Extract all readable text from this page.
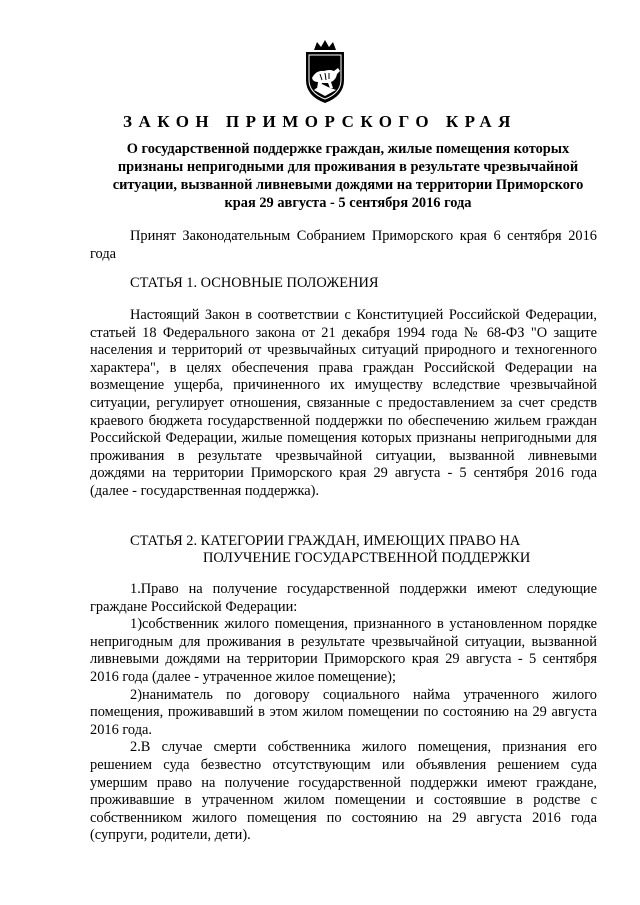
ЗАКОН ПРИМОРСКОГО КРАЯ
О государственной поддержке граждан, жилые помещения которых признаны непригодными для проживания в результате чрезвычайной ситуации, вызванной ливневыми дождями на территории Приморского края 29 августа - 5 сентября 2016 года
Принят Законодательным Собранием Приморского края 6 сентября 2016 года
СТАТЬЯ 1. ОСНОВНЫЕ ПОЛОЖЕНИЯ
Настоящий Закон в соответствии с Конституцией Российской Федерации, статьей 18 Федерального закона от 21 декабря 1994 года № 68-ФЗ "О защите населения и территорий от чрезвычайных ситуаций природного и техногенного характера", в целях обеспечения права граждан Российской Федерации на возмещение ущерба, причиненного их имуществу вследствие чрезвычайной ситуации, регулирует отношения, связанные с предоставлением за счет средств краевого бюджета государственной поддержки по обеспечению жильем граждан Российской Федерации, жилые помещения которых признаны непригодными для проживания в результате чрезвычайной ситуации, вызванной ливневыми дождями на территории Приморского края 29 августа - 5 сентября 2016 года (далее - государственная поддержка).
СТАТЬЯ 2. КАТЕГОРИИ ГРАЖДАН, ИМЕЮЩИХ ПРАВО НА
ПОЛУЧЕНИЕ ГОСУДАРСТВЕННОЙ ПОДДЕРЖКИ

1.Право на получение государственной поддержки имеют следующие граждане Российской Федерации:

1)собственник жилого помещения, признанного в установленном порядке непригодным для проживания в результате чрезвычайной ситуации, вызванной ливневыми дождями на территории Приморского края 29 августа - 5 сентября 2016 года (далее - утраченное жилое помещение);

2)наниматель по договору социального найма утраченного жилого помещения, проживавший в этом жилом помещении по состоянию на 29 августа 2016 года.

2.В случае смерти собственника жилого помещения, признания его решением суда безвестно отсутствующим или объявления решением суда умершим право на получение государственной поддержки имеют граждане, проживавшие в утраченном жилом помещении и состоявшие в родстве с собственником жилого помещения по состоянию на 29 августа 2016 года (супруги, родители, дети).
